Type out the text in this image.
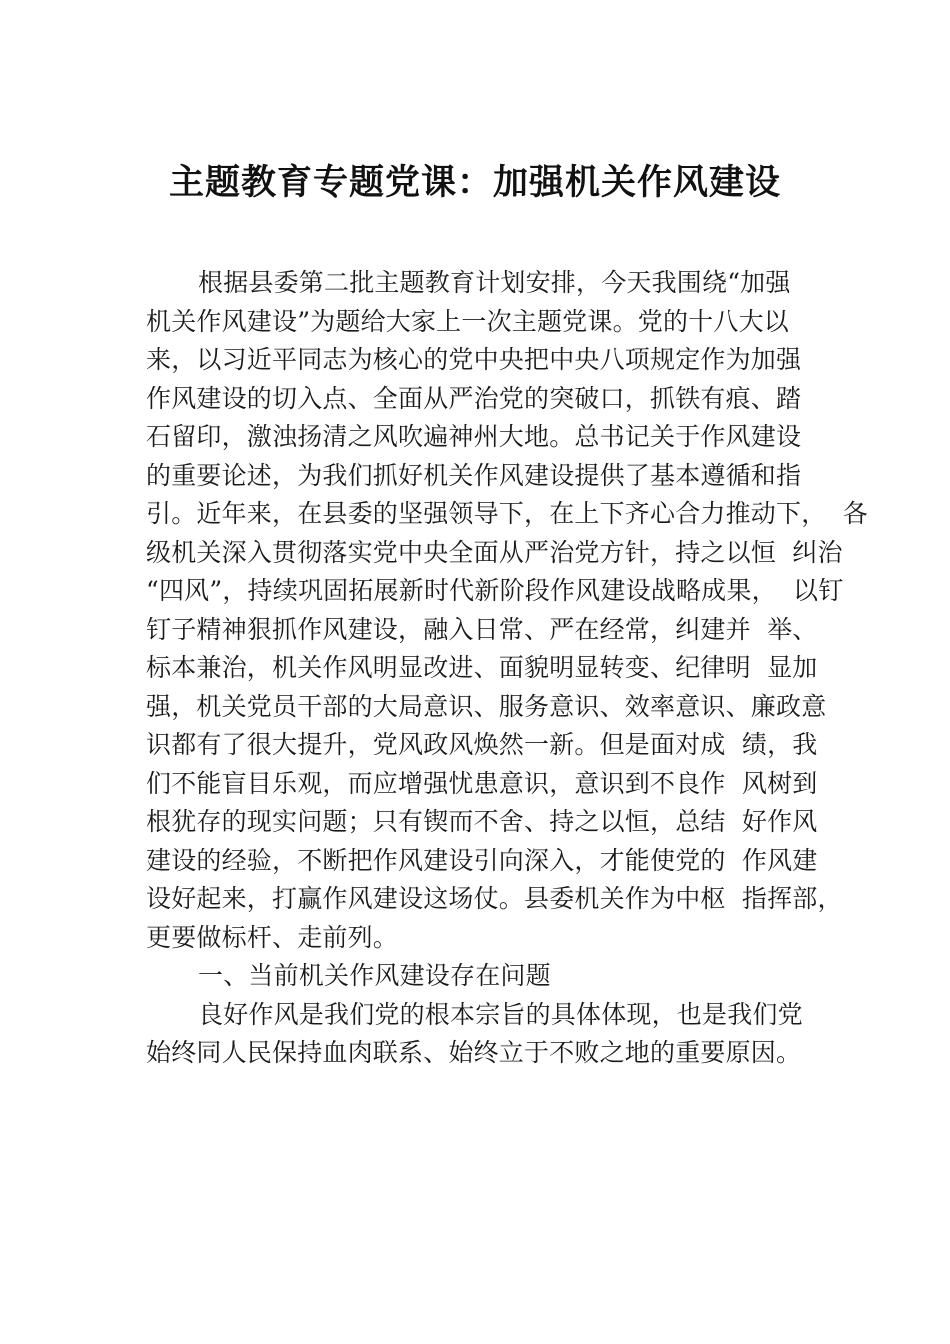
主题教育专题党课：加强机关作风建设
根据县委第二批主题教育计划安排，今天我围绕“加强
机关作风建设”为题给大家上一次主题党课。党的十八大以
来，以习近平同志为核心的党中央把中央八项规定作为加强
作风建设的切入点、全面从严治党的突破口，抓铁有痕、踏
石留印，激浊扬清之风吹遍神州大地。总书记关于作风建设
的重要论述，为我们抓好机关作风建设提供了基本遵循和指
引。近年来，在县委的坚强领导下，在上下齐心合力推动下，  各
级机关深入贯彻落实党中央全面从严治党方针，持之以恒  纠治
“四风”，持续巩固拓展新时代新阶段作风建设战略成果，  以钉
钉子精神狠抓作风建设，融入日常、严在经常，纠建并  举、
标本兼治，机关作风明显改进、面貌明显转变、纪律明  显加
强，机关党员干部的大局意识、服务意识、效率意识、廉政意
识都有了很大提升，党风政风焕然一新。但是面对成  绩，我
们不能盲目乐观，而应增强忧患意识，意识到不良作  风树到
根犹存的现实问题；只有锲而不舍、持之以恒，总结  好作风
建设的经验，不断把作风建设引向深入，才能使党的  作风建
设好起来，打赢作风建设这场仗。县委机关作为中枢  指挥部，
更要做标杆、走前列。
一、当前机关作风建设存在问题
良好作风是我们党的根本宗旨的具体体现，也是我们党
始终同人民保持血肉联系、始终立于不败之地的重要原因。
